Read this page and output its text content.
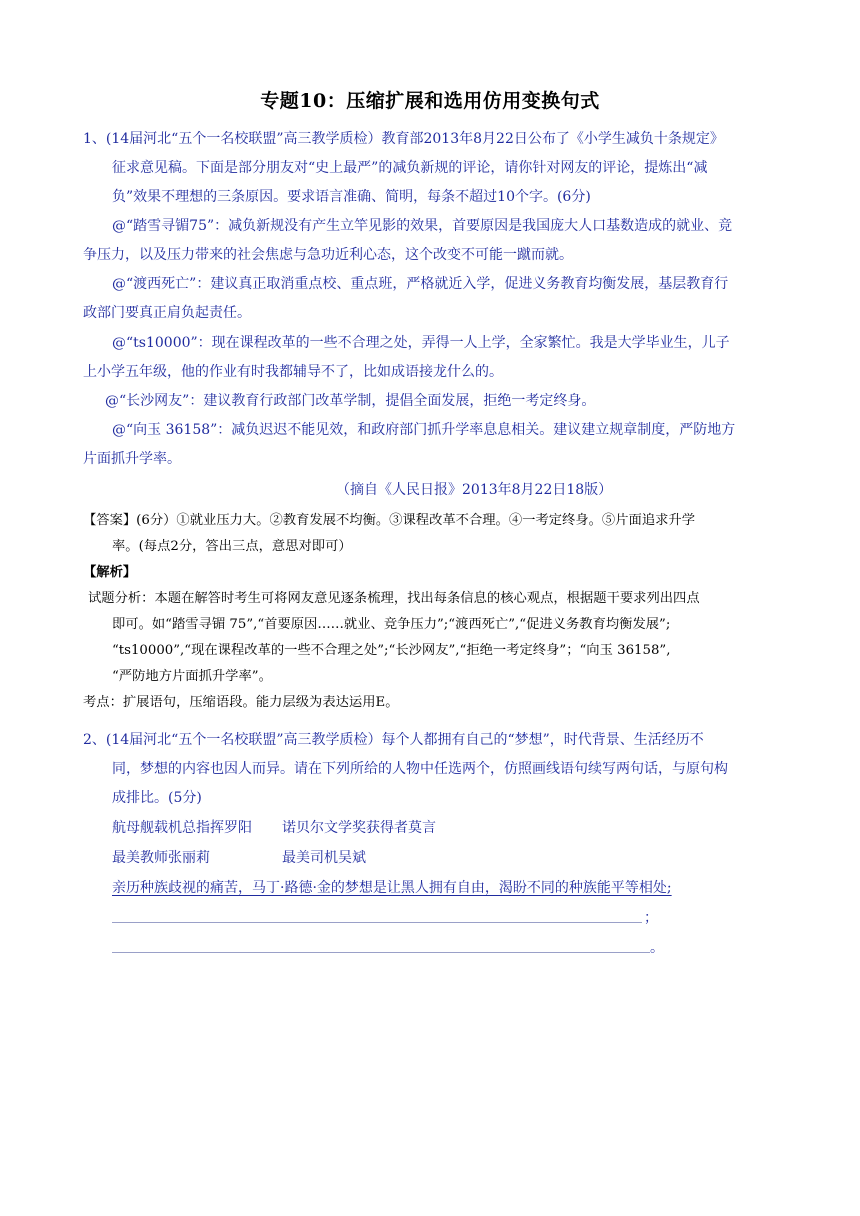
专题10：压缩扩展和选用仿用变换句式
1、(14届河北“五个一名校联盟”高三教学质检）教育部2013年8月22日公布了《小学生减负十条规定》
征求意见稿。下面是部分朋友对“史上最严”的减负新规的评论，请你针对网友的评论，提炼出“减
负”效果不理想的三条原因。要求语言准确、简明，每条不超过10个字。(6分)
@“踏雪寻镅75”：减负新规没有产生立竿见影的效果，首要原因是我国庞大人口基数造成的就业、竞
争压力，以及压力带来的社会焦虑与急功近利心态，这个改变不可能一蹴而就。
@“渡西死亡”：建议真正取消重点校、重点班，严格就近入学，促进义务教育均衡发展，基层教育行
政部门要真正肩负起责任。
@“ts10000”：现在课程改革的一些不合理之处，弄得一人上学，全家繁忙。我是大学毕业生，儿子
上小学五年级，他的作业有时我都辅导不了，比如成语接龙什么的。
@“长沙网友”：建议教育行政部门改革学制，提倡全面发展，拒绝一考定终身。
@“向玉 36158”：减负迟迟不能见效，和政府部门抓升学率息息相关。建议建立规章制度，严防地方
片面抓升学率。
（摘自《人民日报》2013年8月22日18版）
【答案】(6分）①就业压力大。②教育发展不均衡。③课程改革不合理。④一考定终身。⑤片面追求升学
率。(每点2分，答出三点，意思对即可）
【解析】
试题分析：本题在解答时考生可将网友意见逐条梳理，找出每条信息的核心观点，根据题干要求列出四点
即可。如“踏雪寻镅 75”,“首要原因……就业、竞争压力”;“渡西死亡”,“促进义务教育均衡发展”;
“ts10000”,“现在课程改革的一些不合理之处”;“长沙网友”,“拒绝一考定终身”；“向玉 36158”,
“严防地方片面抓升学率”。
考点：扩展语句，压缩语段。能力层级为表达运用E。
2、(14届河北“五个一名校联盟”高三教学质检）每个人都拥有自己的“梦想”，时代背景、生活经历不
同，梦想的内容也因人而异。请在下列所给的人物中任选两个，仿照画线语句续写两句话，与原句构
成排比。(5分)
航母舰载机总指挥罗阳 诺贝尔文学奖获得者莫言
最美教师张丽莉	最美司机吴斌
亲历种族歧视的痛苦，马丁·路德·金的梦想是让黑人拥有自由，渴盼不同的种族能平等相处;
；
。
